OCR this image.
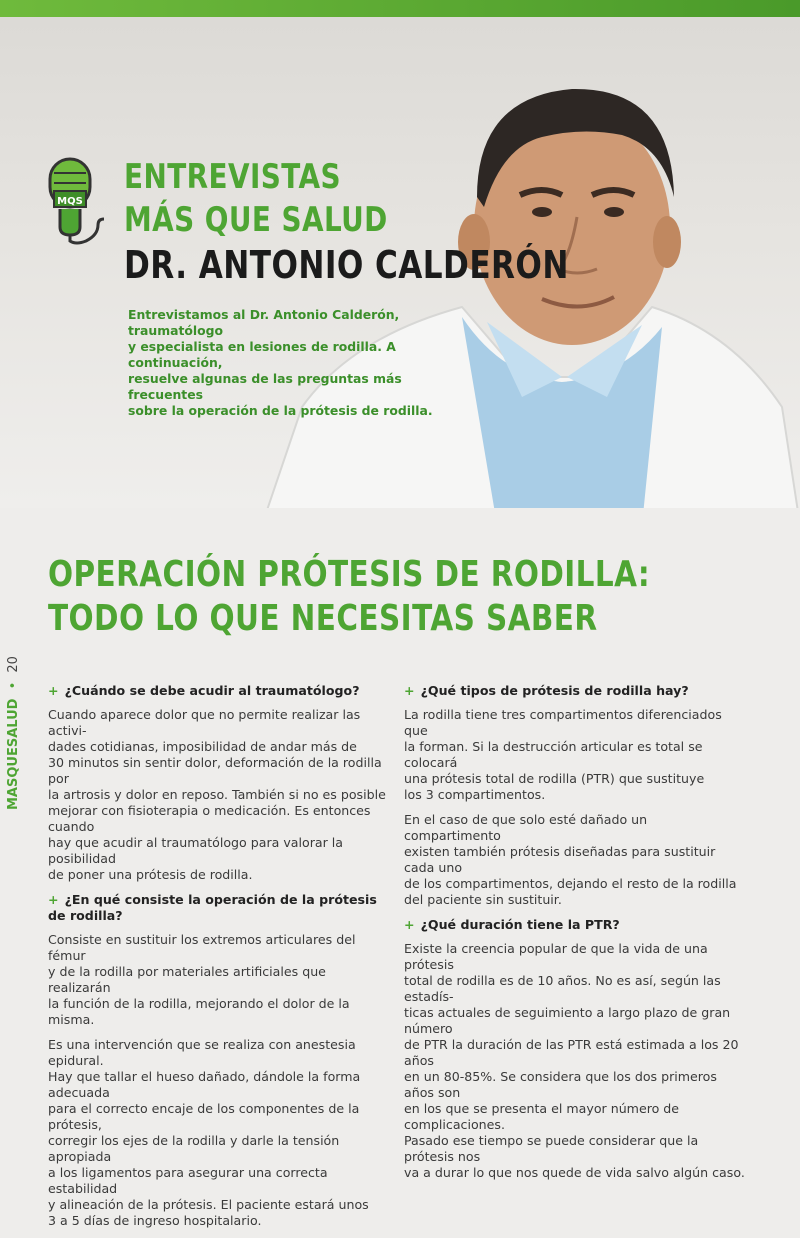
MQS
ENTREVISTAS
MÁS QUE SALUD
DR. ANTONIO CALDERÓN
Entrevistamos al Dr. Antonio Calderón, traumatólogo
y especialista en lesiones de rodilla. A continuación,
resuelve algunas de las preguntas más frecuentes
sobre la operación de la prótesis de rodilla.
OPERACIÓN PRÓTESIS DE RODILLA:
TODO LO QUE NECESITAS SABER
MASQUESALUD • 20
+ ¿Cuándo se debe acudir al traumatólogo?

Cuando aparece dolor que no permite realizar las activi-
dades cotidianas, imposibilidad de andar más de
30 minutos sin sentir dolor, deformación de la rodilla por
la artrosis y dolor en reposo. También si no es posible
mejorar con fisioterapia o medicación. Es entonces cuando
hay que acudir al traumatólogo para valorar la posibilidad
de poner una prótesis de rodilla.

+ ¿En qué consiste la operación de la prótesis de rodilla?

Consiste en sustituir los extremos articulares del fémur
y de la rodilla por materiales artificiales que realizarán
la función de la rodilla, mejorando el dolor de la misma.

Es una intervención que se realiza con anestesia epidural.
Hay que tallar el hueso dañado, dándole la forma adecuada
para el correcto encaje de los componentes de la prótesis,
corregir los ejes de la rodilla y darle la tensión apropiada
a los ligamentos para asegurar una correcta estabilidad
y alineación de la prótesis. El paciente estará unos
3 a 5 días de ingreso hospitalario.

+ ¿Qué tipos de prótesis de rodilla hay?

La rodilla tiene tres compartimentos diferenciados que
la forman. Si la destrucción articular es total se colocará
una prótesis total de rodilla (PTR) que sustituye
los 3 compartimentos.

En el caso de que solo esté dañado un compartimento
existen también prótesis diseñadas para sustituir cada uno
de los compartimentos, dejando el resto de la rodilla
del paciente sin sustituir.

+ ¿Qué duración tiene la PTR?

Existe la creencia popular de que la vida de una prótesis
total de rodilla es de 10 años. No es así, según las estadís-
ticas actuales de seguimiento a largo plazo de gran número
de PTR la duración de las PTR está estimada a los 20 años
en un 80-85%. Se considera que los dos primeros años son
en los que se presenta el mayor número de complicaciones.
Pasado ese tiempo se puede considerar que la prótesis nos
va a durar lo que nos quede de vida salvo algún caso.
